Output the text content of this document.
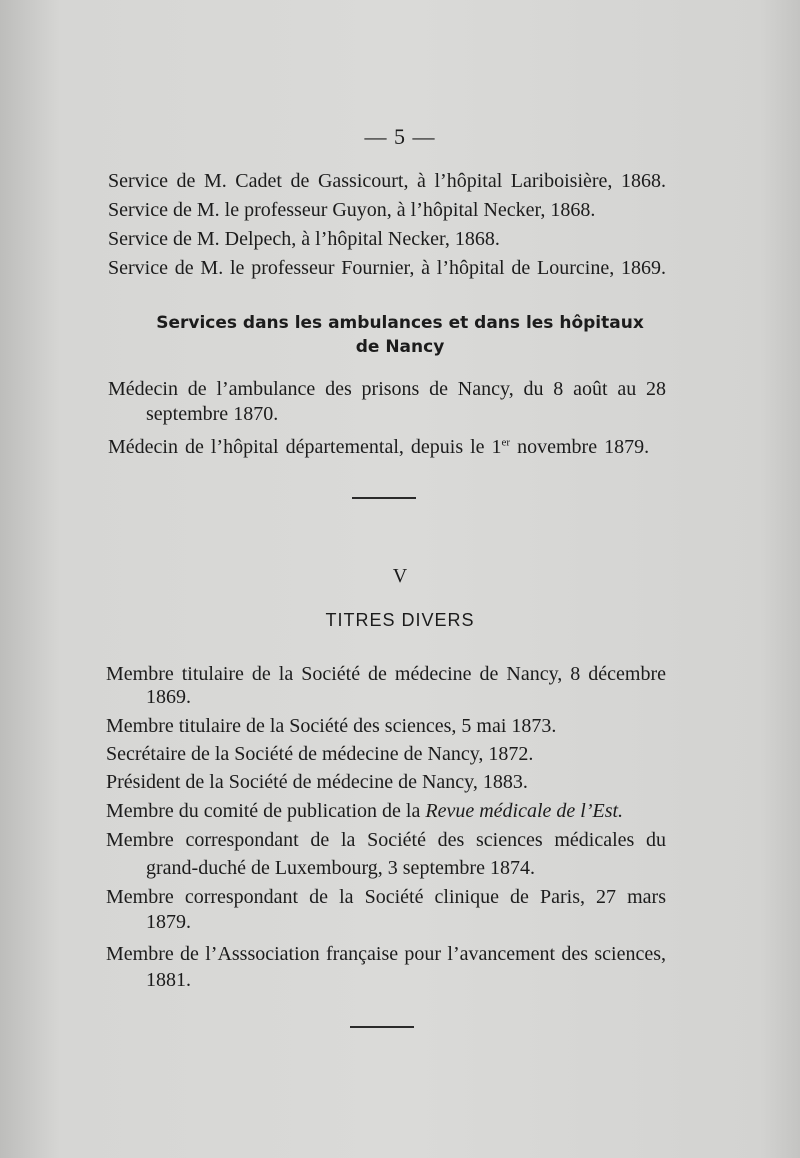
— 5 —
Service de M. Cadet de Gassicourt, à l’hôpital Lariboisière, 1868.
Service de M. le professeur Guyon, à l’hôpital Necker, 1868.
Service de M. Delpech, à l’hôpital Necker, 1868.
Service de M. le professeur Fournier, à l’hôpital de Lourcine, 1869.
Services dans les ambulances et dans les hôpitaux
de Nancy
Médecin de l’ambulance des prisons de Nancy, du 8 août au 28
septembre 1870.
Médecin de l’hôpital départemental, depuis le 1er novembre 1879.
V
TITRES DIVERS
Membre titulaire de la Société de médecine de Nancy, 8 décembre
1869.
Membre titulaire de la Société des sciences, 5 mai 1873.
Secrétaire de la Société de médecine de Nancy, 1872.
Président de la Société de médecine de Nancy, 1883.
Membre du comité de publication de la Revue médicale de l’Est.
Membre correspondant de la Société des sciences médicales du
grand-duché de Luxembourg, 3 septembre 1874.
Membre correspondant de la Société clinique de Paris, 27 mars
1879.
Membre de l’Asssociation française pour l’avancement des sciences,
1881.
